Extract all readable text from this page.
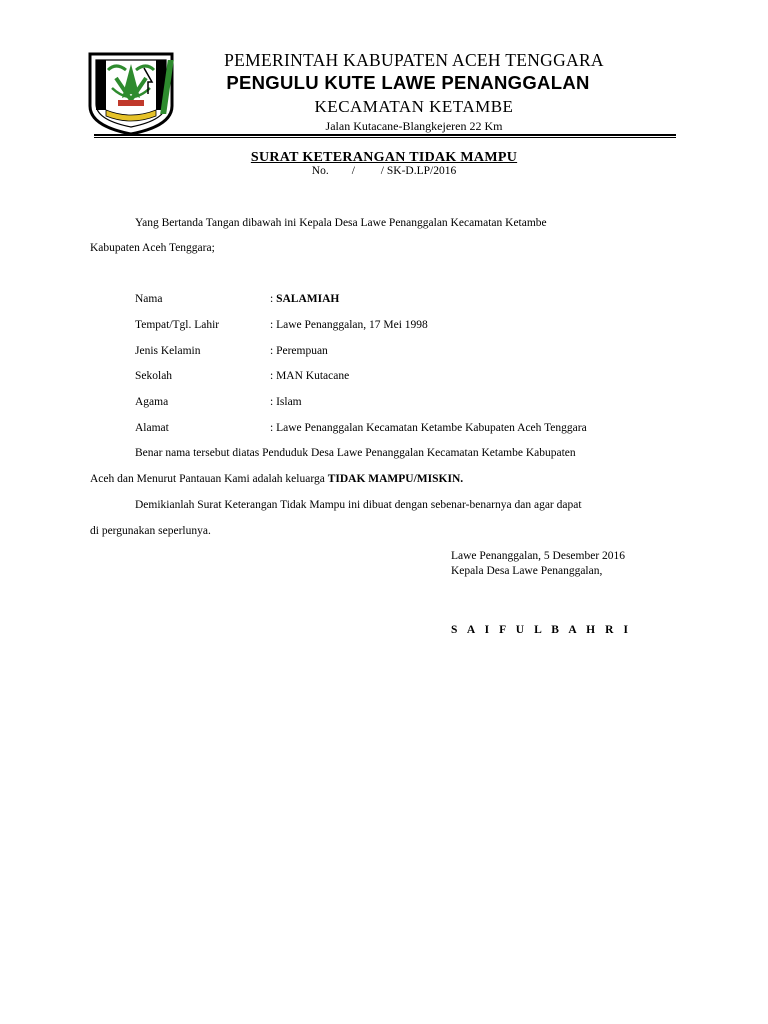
PEMERINTAH KABUPATEN ACEH TENGGARA
PENGULU KUTE LAWE PENANGGALAN
KECAMATAN KETAMBE
Jalan Kutacane-Blangkejeren 22 Km
SURAT KETERANGAN TIDAK MAMPU
No.        /         / SK-D.LP/2016
Yang Bertanda Tangan dibawah ini Kepala Desa Lawe Penanggalan Kecamatan Ketambe
Kabupaten Aceh Tenggara;
Nama	: SALAMIAH
Tempat/Tgl. Lahir	: Lawe Penanggalan, 17 Mei 1998
Jenis Kelamin	: Perempuan
Sekolah	: MAN Kutacane
Agama	: Islam
Alamat	: Lawe Penanggalan Kecamatan Ketambe Kabupaten Aceh Tenggara
Benar nama tersebut diatas Penduduk Desa Lawe Penanggalan Kecamatan Ketambe Kabupaten
Aceh dan Menurut Pantauan Kami adalah keluarga TIDAK MAMPU/MISKIN.
Demikianlah Surat Keterangan Tidak Mampu ini dibuat dengan sebenar-benarnya dan agar dapat
di pergunakan seperlunya.
Lawe Penanggalan, 5 Desember 2016
Kepala Desa Lawe Penanggalan,
S A I F U L B A H R I
